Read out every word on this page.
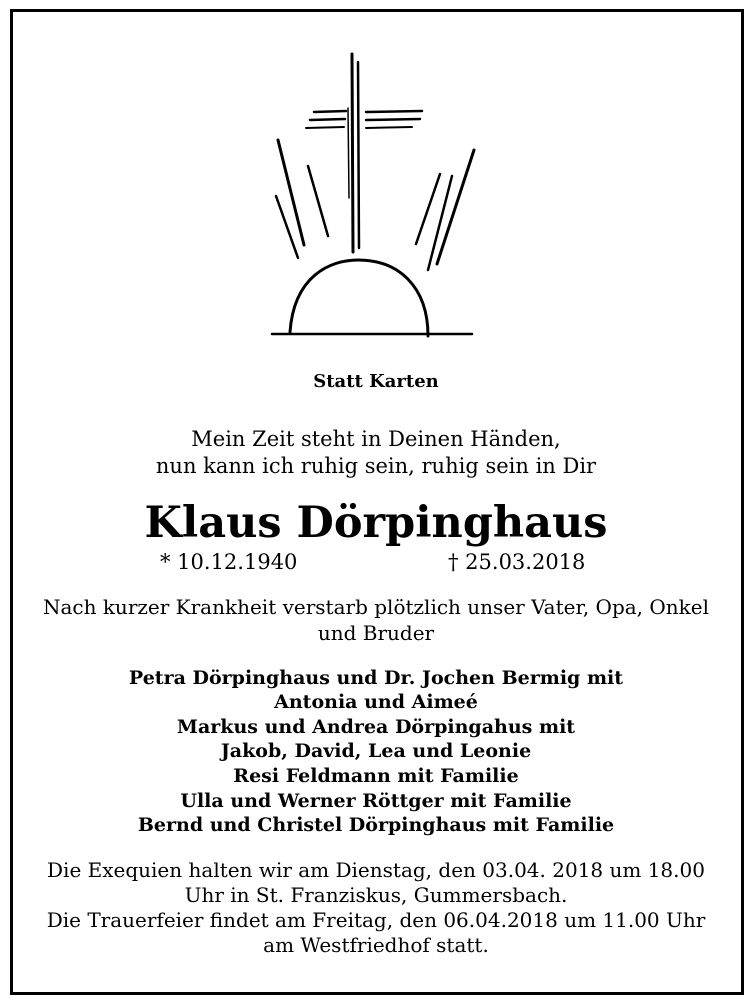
Statt Karten
Mein Zeit steht in Deinen Händen,
nun kann ich ruhig sein, ruhig sein in Dir
Klaus Dörpinghaus
* 10.12.1940	† 25.03.2018
Nach kurzer Krankheit verstarb plötzlich unser Vater, Opa, Onkel
und Bruder
Petra Dörpinghaus und Dr. Jochen Bermig mit
Antonia und Aimeé
Markus und Andrea Dörpingahus mit
Jakob, David, Lea und Leonie
Resi Feldmann mit Familie
Ulla und Werner Röttger mit Familie
Bernd und Christel Dörpinghaus mit Familie
Die Exequien halten wir am Dienstag, den 03.04. 2018 um 18.00
Uhr in St. Franziskus, Gummersbach.
Die Trauerfeier findet am Freitag, den 06.04.2018 um 11.00 Uhr
am Westfriedhof statt.
